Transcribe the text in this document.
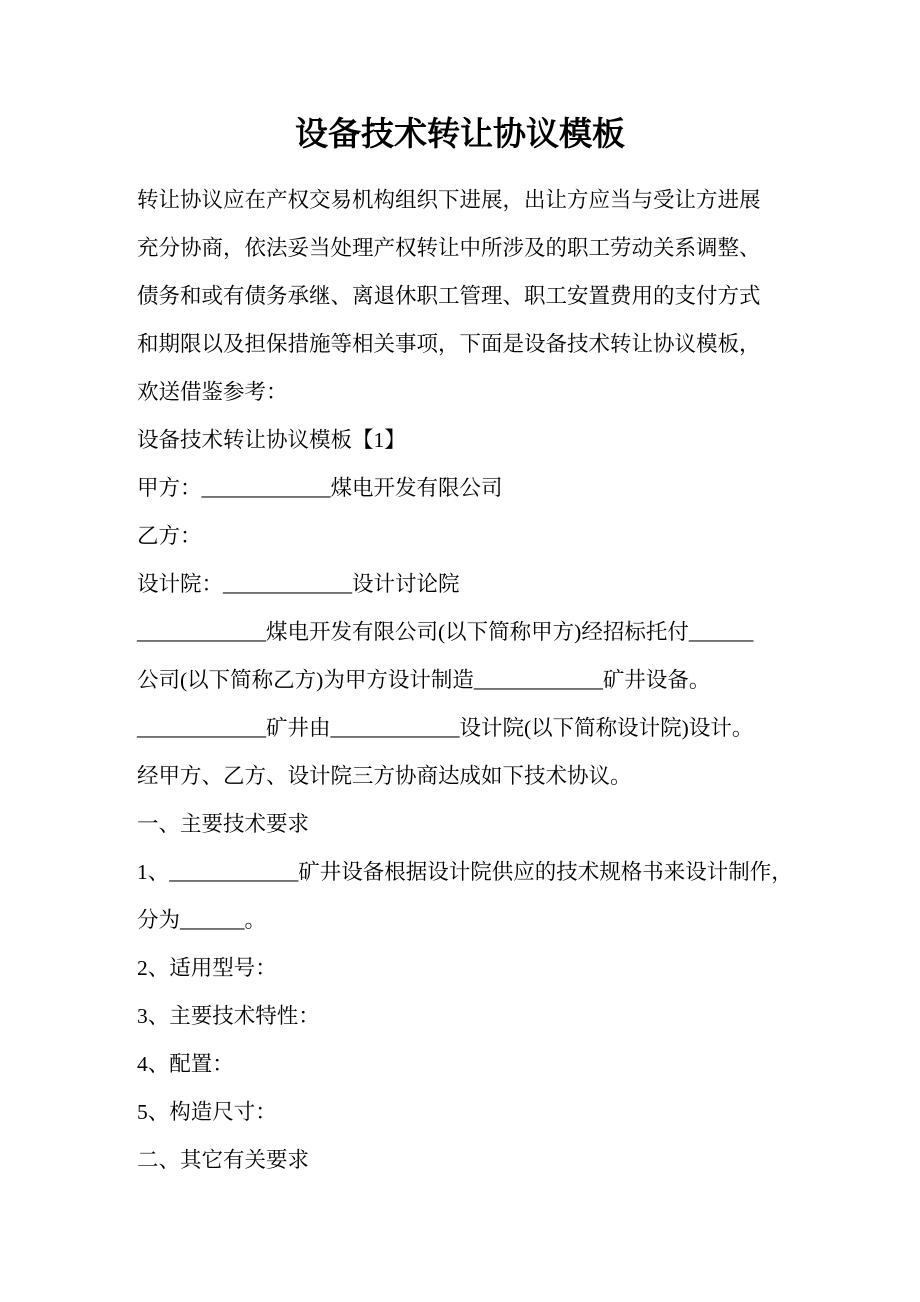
设备技术转让协议模板
转让协议应在产权交易机构组织下进展，出让方应当与受让方进展
充分协商，依法妥当处理产权转让中所涉及的职工劳动关系调整、
债务和或有债务承继、离退休职工管理、职工安置费用的支付方式
和期限以及担保措施等相关事项，下面是设备技术转让协议模板，
欢送借鉴参考：
设备技术转让协议模板【1】
甲方：____________煤电开发有限公司
乙方：
设计院：____________设计讨论院
____________煤电开发有限公司(以下简称甲方)经招标托付______
公司(以下简称乙方)为甲方设计制造____________矿井设备。
____________矿井由____________设计院(以下简称设计院)设计。
经甲方、乙方、设计院三方协商达成如下技术协议。
一、主要技术要求
1、____________矿井设备根据设计院供应的技术规格书来设计制作，
分为______。
2、适用型号：
3、主要技术特性：
4、配置：
5、构造尺寸：
二、其它有关要求
